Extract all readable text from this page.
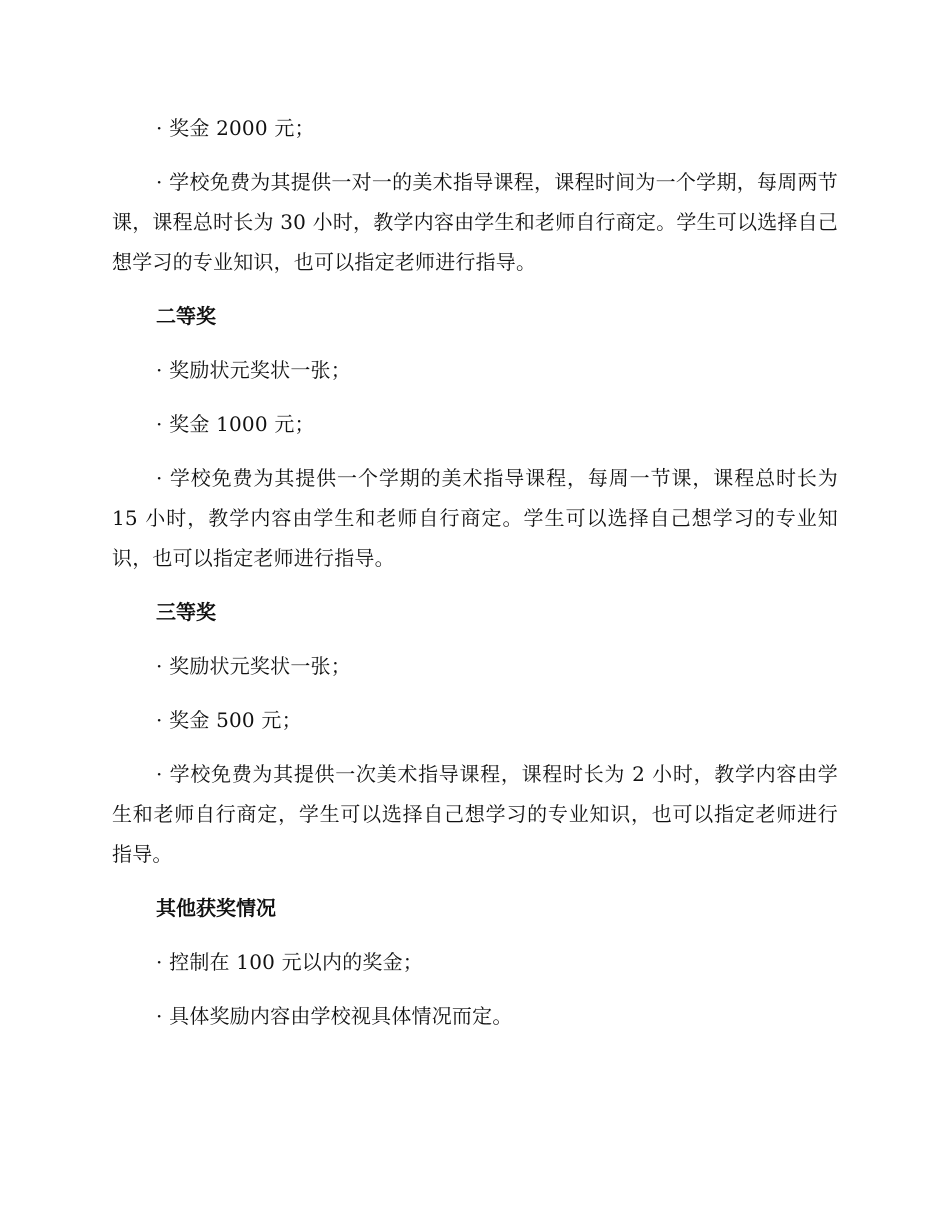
· 奖金 2000 元；

· 学校免费为其提供一对一的美术指导课程，课程时间为一个学期，每周两节课，课程总时长为 30 小时，教学内容由学生和老师自行商定。学生可以选择自己想学习的专业知识，也可以指定老师进行指导。

二等奖

· 奖励状元奖状一张；

· 奖金 1000 元；

· 学校免费为其提供一个学期的美术指导课程，每周一节课，课程总时长为 15 小时，教学内容由学生和老师自行商定。学生可以选择自己想学习的专业知识，也可以指定老师进行指导。

三等奖

· 奖励状元奖状一张；

· 奖金 500 元；

· 学校免费为其提供一次美术指导课程，课程时长为 2 小时，教学内容由学生和老师自行商定，学生可以选择自己想学习的专业知识，也可以指定老师进行指导。

其他获奖情况

· 控制在 100 元以内的奖金；

· 具体奖励内容由学校视具体情况而定。
